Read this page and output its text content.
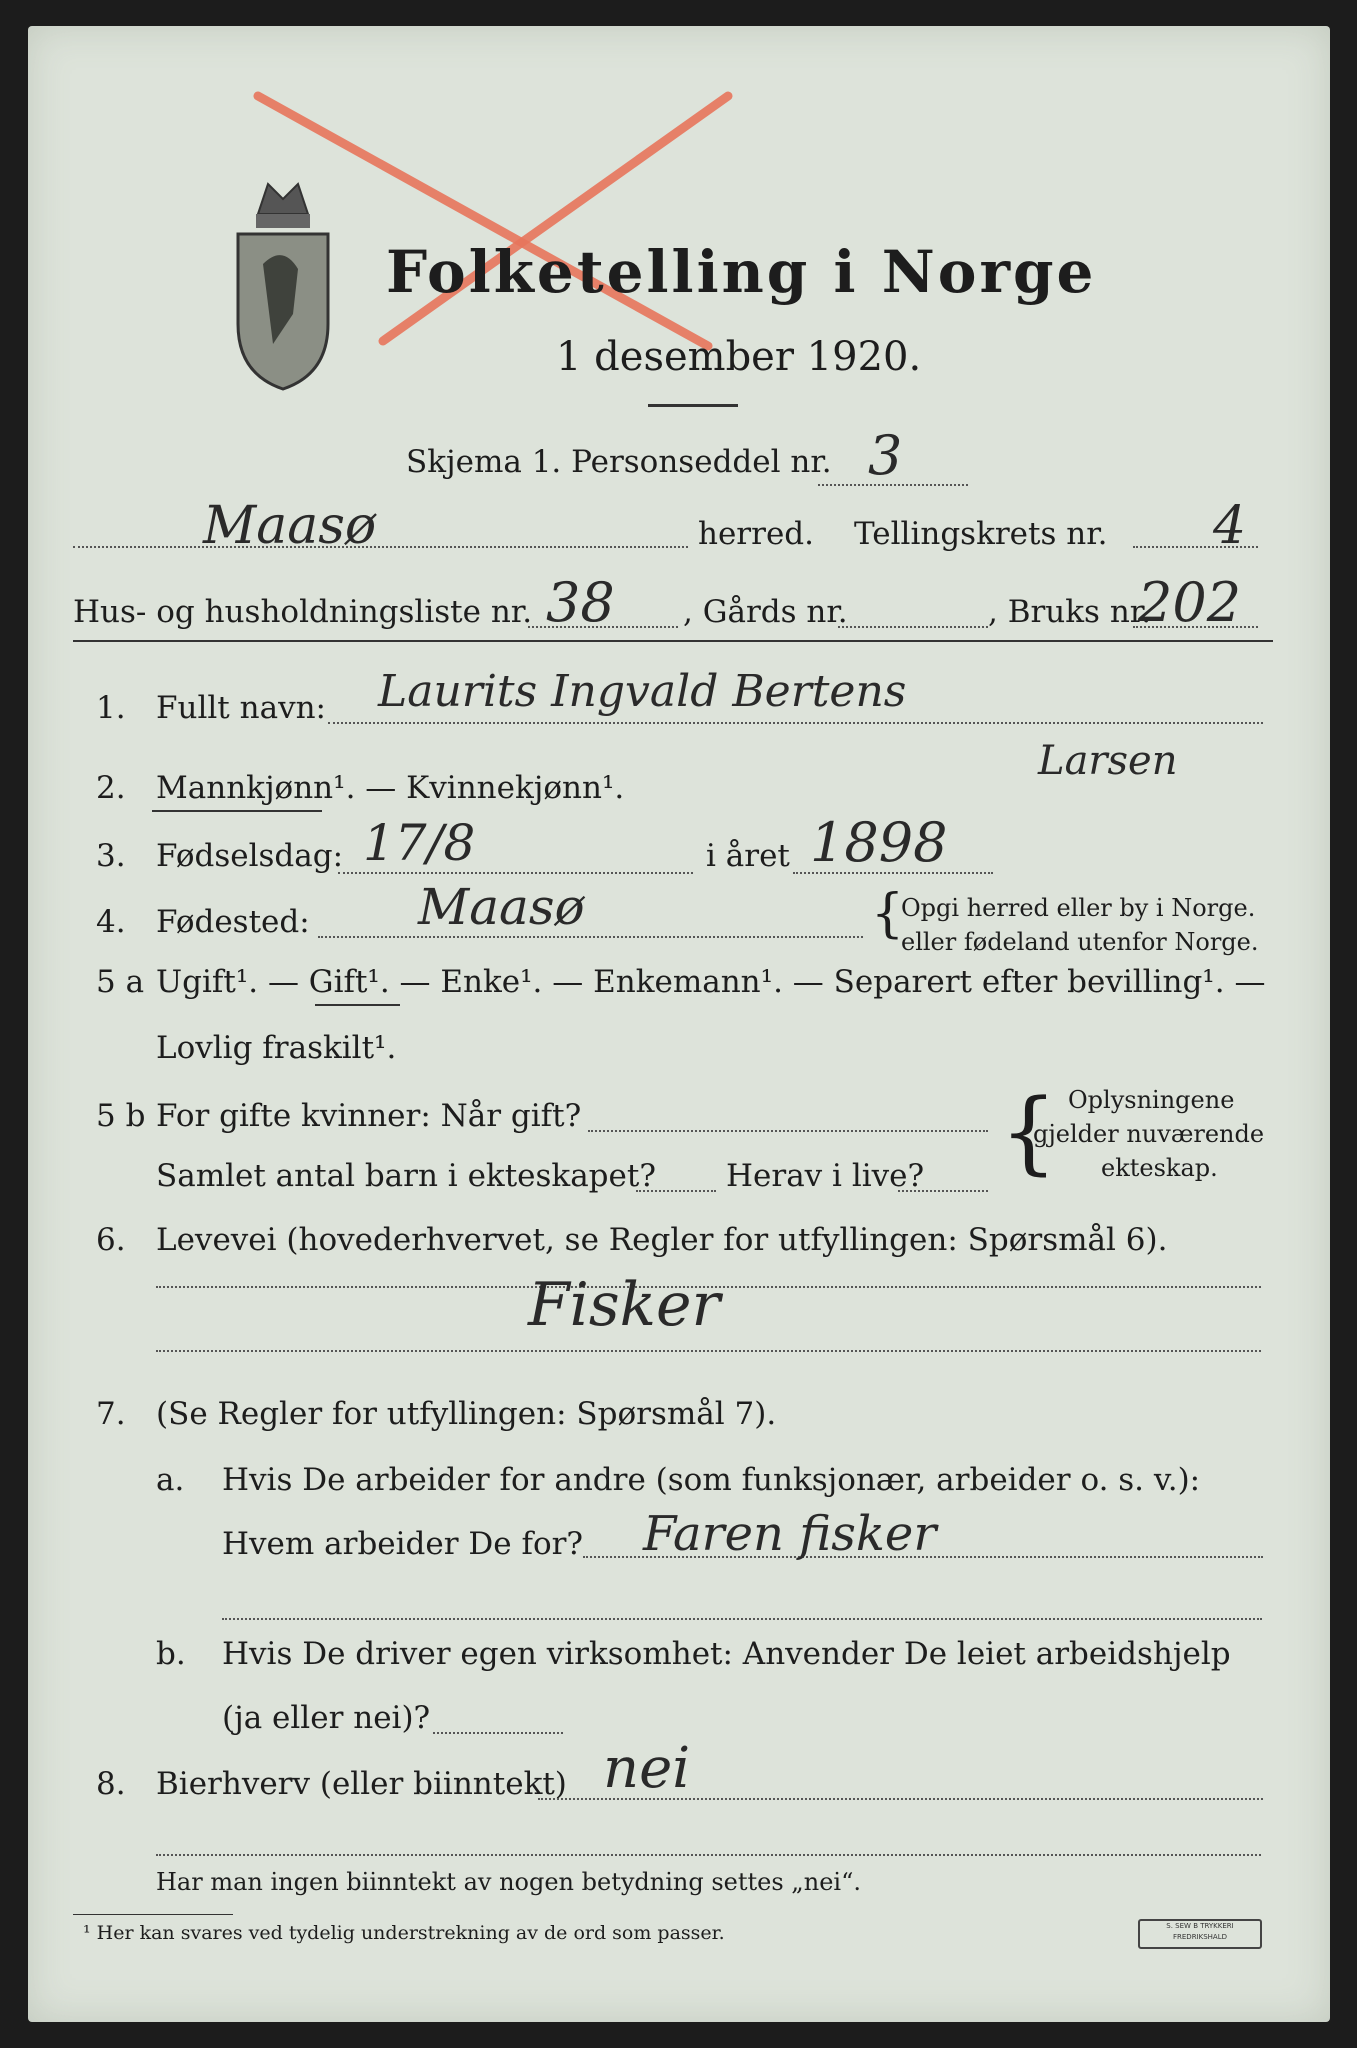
Folketelling i Norge
1 desember 1920.
Skjema 1. Personseddel nr. 3
Maasø	herred. Tellingskrets nr. 4
Hus- og husholdningsliste nr. 38 , Gårds nr.	, Bruks nr.
202
1. Fullt navn: Laurits Ingvald Bertens
Larsen
2. Mannkjønn¹. — Kvinnekjønn¹.
3. Fødselsdag: 17/8	i året 1898
4. Fødested: Maasø	{
Opgi herred eller by i Norge.
eller fødeland utenfor Norge.
5 a Ugift¹. — Gift¹. — Enke¹. — Enkemann¹. — Separert efter bevilling¹. —
Lovlig fraskilt¹.
5 b For gifte kvinner: Når gift?
Samlet antal barn i ekteskapet? Herav i live? { Oplysningene
gjelder nuværende
ekteskap.
6. Levevei (hovederhvervet, se Regler for utfyllingen: Spørsmål 6).
Fisker
7. (Se Regler for utfyllingen: Spørsmål 7).
a. Hvis De arbeider for andre (som funksjonær, arbeider o. s. v.):
Hvem arbeider De for? Faren fisker
b. Hvis De driver egen virksomhet: Anvender De leiet arbeidshjelp
(ja eller nei)?
8. Bierhverv (eller biinntekt) nei
Har man ingen biinntekt av nogen betydning settes „nei“.
¹ Her kan svares ved tydelig understrekning av de ord som passer.	S. SEW B TRYKKERI FREDRIKSHALD
